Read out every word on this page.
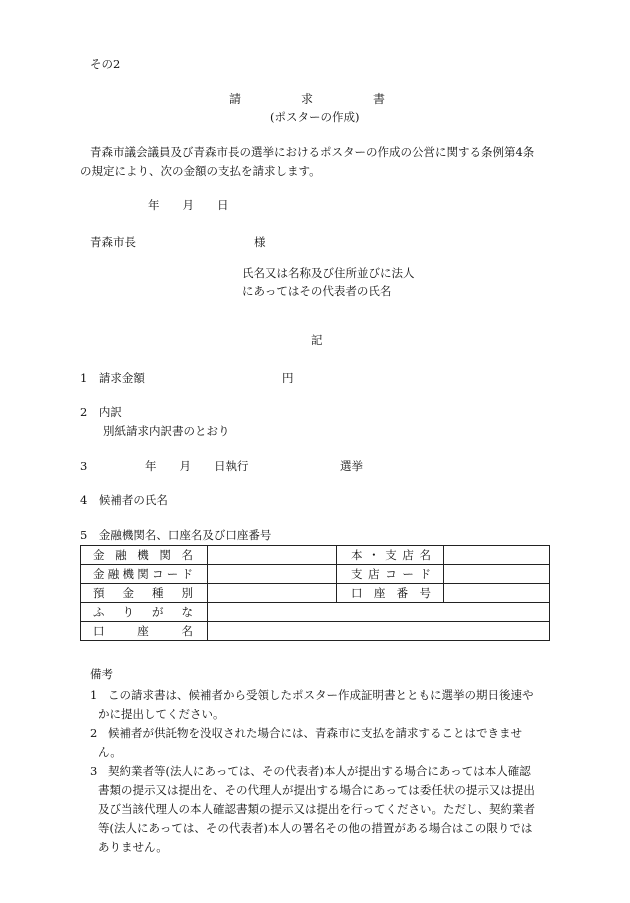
その2
請　　　　　求　　　　　書
(ポスターの作成)
青森市議会議員及び青森市長の選挙におけるポスターの作成の公営に関する条例第4条
の規定により、次の金額の支払を請求します。
年　　月　　日
青森市長	様
氏名又は名称及び住所並びに法人
にあってはその代表者の氏名
記
1　請求金額	円
2　内訳
別紙請求内訳書のとおり
3	年　　月　　日執行	選挙
4　候補者の氏名
5　金融機関名、口座名及び口座番号
金融機関名		本・支店名	
金融機関コード		支店コード	
預金種別		口座番号	
ふりがな			
口座名			
備考
1 この請求書は、候補者から受領したポスター作成証明書とともに選挙の期日後速や
かに提出してください。
2 候補者が供託物を没収された場合には、青森市に支払を請求することはできませ
ん。
3 契約業者等(法人にあっては、その代表者)本人が提出する場合にあっては本人確認
書類の提示又は提出を、その代理人が提出する場合にあっては委任状の提示又は提出
及び当該代理人の本人確認書類の提示又は提出を行ってください。ただし、契約業者
等(法人にあっては、その代表者)本人の署名その他の措置がある場合はこの限りでは
ありません。
